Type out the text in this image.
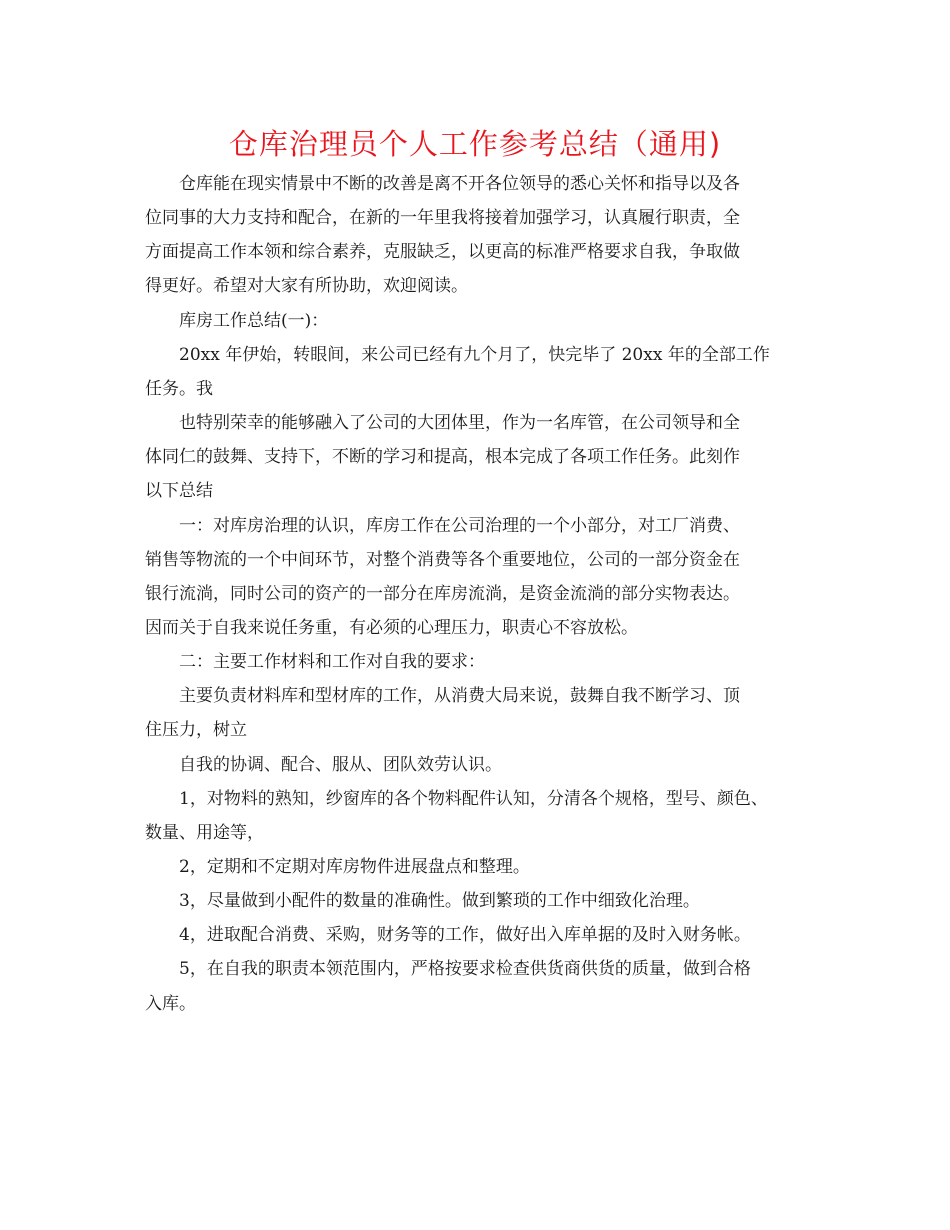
仓库治理员个人工作参考总结（通用)
仓库能在现实情景中不断的改善是离不开各位领导的悉心关怀和指导以及各
位同事的大力支持和配合，在新的一年里我将接着加强学习，认真履行职责，全
方面提高工作本领和综合素养，克服缺乏，以更高的标准严格要求自我，争取做
得更好。希望对大家有所协助，欢迎阅读。
库房工作总结(一)：
20xx 年伊始，转眼间，来公司已经有九个月了，快完毕了 20xx 年的全部工作
任务。我
也特别荣幸的能够融入了公司的大团体里，作为一名库管，在公司领导和全
体同仁的鼓舞、支持下，不断的学习和提高，根本完成了各项工作任务。此刻作
以下总结
一：对库房治理的认识，库房工作在公司治理的一个小部分，对工厂消费、
销售等物流的一个中间环节，对整个消费等各个重要地位，公司的一部分资金在
银行流淌，同时公司的资产的一部分在库房流淌，是资金流淌的部分实物表达。
因而关于自我来说任务重，有必须的心理压力，职责心不容放松。
二：主要工作材料和工作对自我的要求：
主要负责材料库和型材库的工作，从消费大局来说，鼓舞自我不断学习、顶
住压力，树立
自我的协调、配合、服从、团队效劳认识。
1，对物料的熟知，纱窗库的各个物料配件认知，分清各个规格，型号、颜色、
数量、用途等，
2，定期和不定期对库房物件进展盘点和整理。
3，尽量做到小配件的数量的准确性。做到繁琐的工作中细致化治理。
4，进取配合消费、采购，财务等的工作，做好出入库单据的及时入财务帐。
5，在自我的职责本领范围内，严格按要求检查供货商供货的质量，做到合格
入库。
